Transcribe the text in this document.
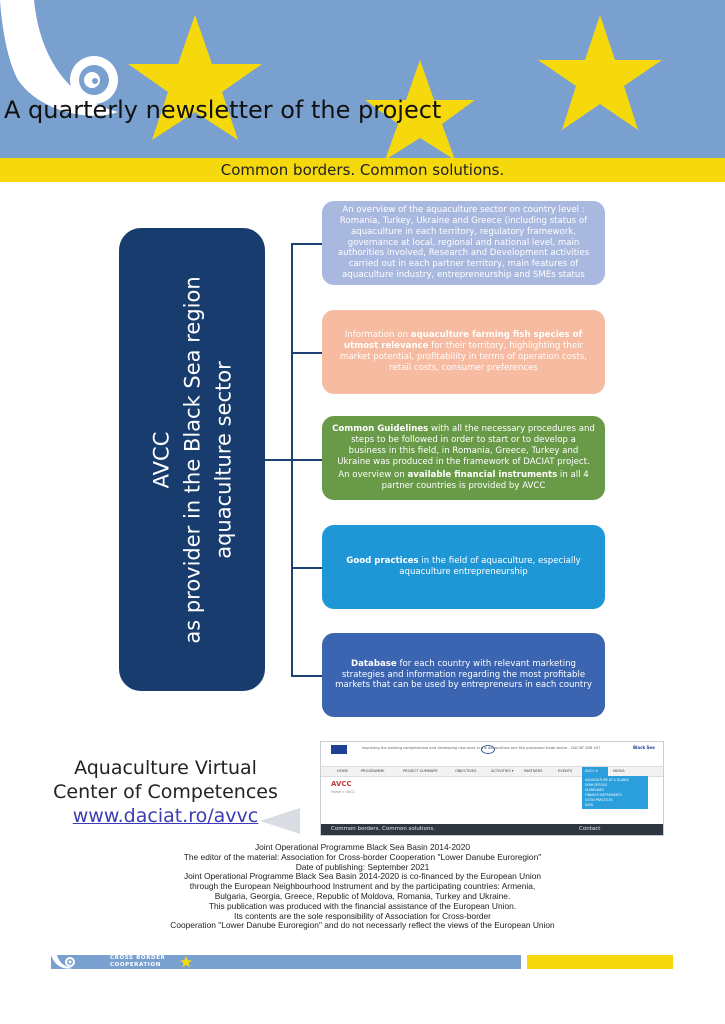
A quarterly newsletter of the project
Common borders. Common solutions.
AVCC as provider in the Black Sea region aquaculture sector

An overview of the aquaculture sector on country level : Romania, Turkey, Ukraine and Greece (including status of aquaculture in each territory, regulatory framework, governance at local, regional and national level, main authorities involved, Research and Development activities carried out in each partner territory, main features of aquaculture industry, entrepreneurship and SMEs status

Information on aquaculture farming fish species of utmost relevance for their territory, highlighting their market potential, profitability in terms of operation costs, retail costs, consumer preferences

Common Guidelines with all the necessary procedures and steps to be followed in order to start or to develop a business in this field, in Romania, Greece, Turkey and Ukraine was produced in the framework of DACIAT project.

An overview on available financial instruments in all 4 partner countries is provided by AVCC

Good practices in the field of aquaculture, especially aquaculture entrepreneurship

Database for each country with relevant marketing strategies and information regarding the most profitable markets that can be used by entrepreneurs in each country

Aquaculture Virtual
Center of Competences
www.daciat.ro/avvc
Improving the existing competencies and developing new ones in the aquaculture and fish processed trade sector - DACIAT BSB 407	Black Sea
HOME	PROGRAMME	PROJECT SUMMARY	OBJECTIVES	ACTIVITIES ▾	PARTNERS	EVENTS	AVCC ▾	MEDIA
AVCC
Home > AVCC
AQUACULTURE AT A GLANCE
FARM SPECIES
GUIDELINES
FINANCE INSTRUMENTS
GOOD PRACTICES
DATA
Common borders. Common solutions.	Contact
Joint Operational Programme Black Sea Basin 2014-2020
The editor of the material: Association for Cross-border Cooperation "Lower Danube Euroregion"
Date of publishing: September 2021
Joint Operational Programme Black Sea Basin 2014-2020 is co-financed by the European Union
through the European Neighbourhood Instrument and by the participating countries: Armenia,
Bulgaria, Georgia, Greece, Republic of Moldova, Romania, Turkey and Ukraine.
This publication was produced with the financial assistance of the European Union.
Its contents are the sole responsibility of Association for Cross-border
Cooperation "Lower Danube Euroregion" and do not necessarly reflect the views of the European Union
CROSS BORDER
COOPERATION
